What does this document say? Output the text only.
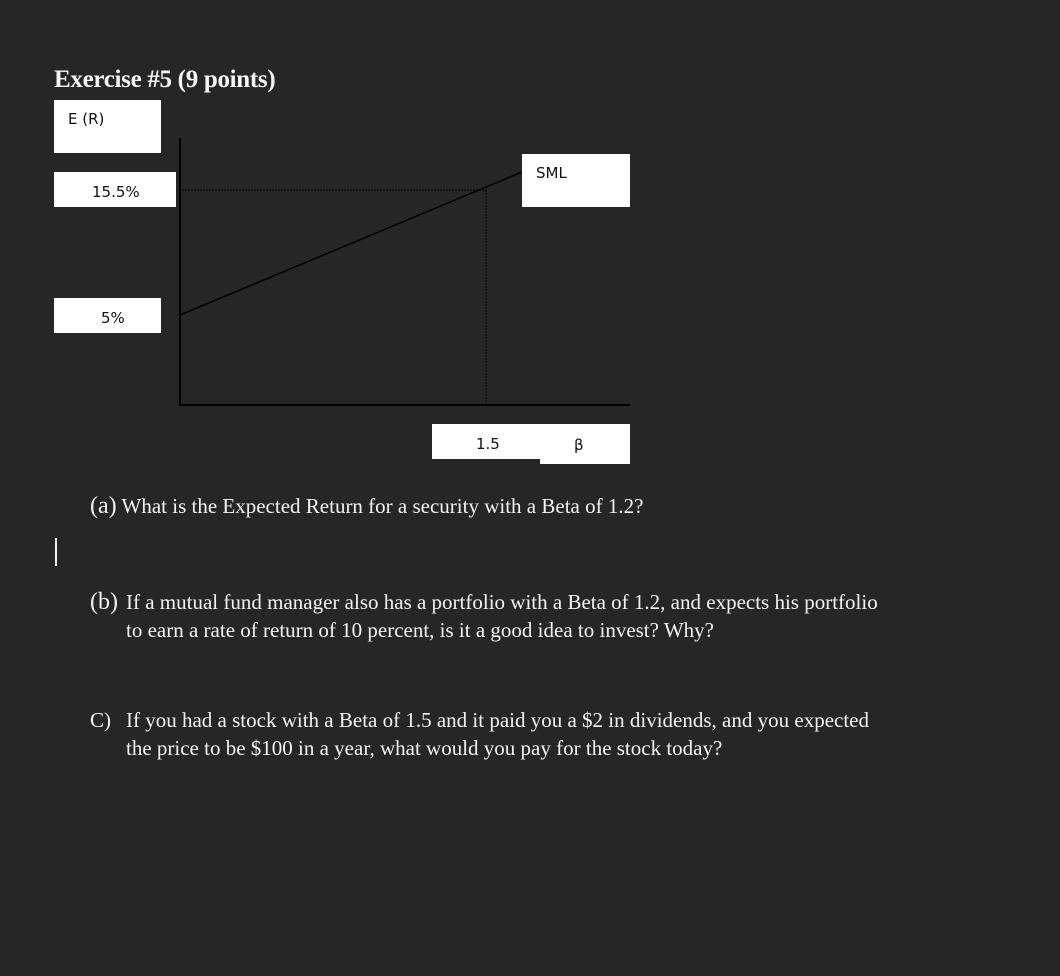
Exercise #5 (9 points)
E (R)
15.5%
5%
SML
1.5	β
(a) What is the Expected Return for a security with a Beta of 1.2?
(b) If a mutual fund manager also has a portfolio with a Beta of 1.2, and expects his portfolio
to earn a rate of return of 10 percent, is it a good idea to invest? Why?
C) If you had a stock with a Beta of 1.5 and it paid you a $2 in dividends, and you expected
the price to be $100 in a year, what would you pay for the stock today?
